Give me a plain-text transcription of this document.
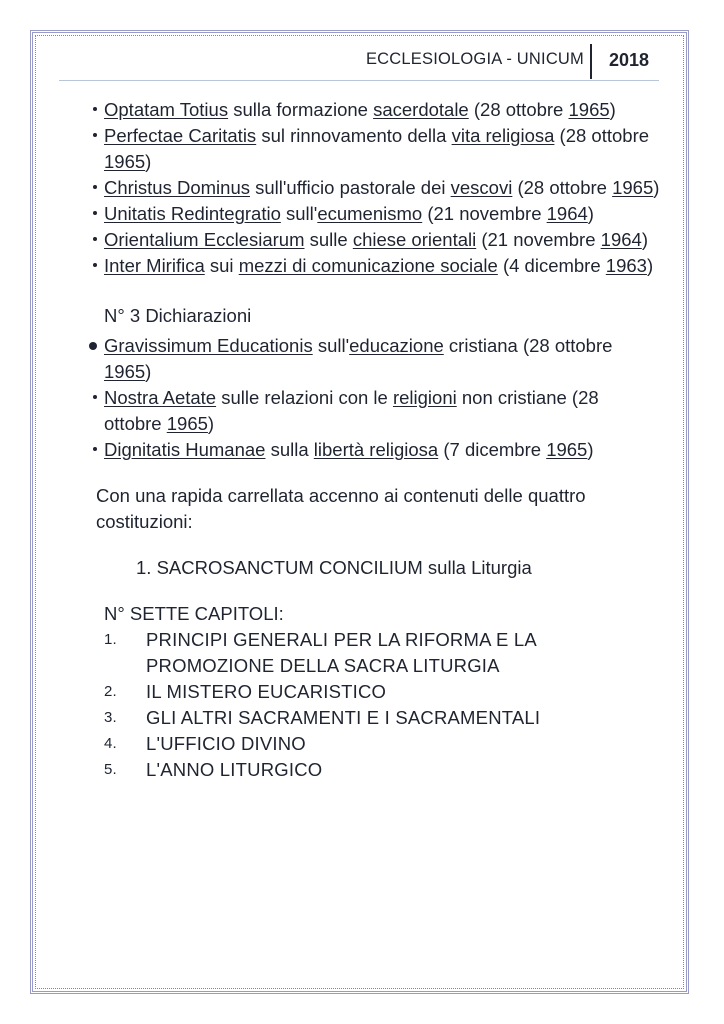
ECCLESIOLOGIA - UNICUM 2018
Optatam Totius sulla formazione sacerdotale (28 ottobre 1965)
Perfectae Caritatis sul rinnovamento della vita religiosa (28 ottobre 1965)
Christus Dominus sull'ufficio pastorale dei vescovi (28 ottobre 1965)
Unitatis Redintegratio sull'ecumenismo (21 novembre 1964)
Orientalium Ecclesiarum sulle chiese orientali (21 novembre 1964)
Inter Mirifica sui mezzi di comunicazione sociale (4 dicembre 1963)
N° 3 Dichiarazioni
Gravissimum Educationis sull'educazione cristiana (28 ottobre 1965)
Nostra Aetate sulle relazioni con le religioni non cristiane (28 ottobre 1965)
Dignitatis Humanae sulla libertà religiosa (7 dicembre 1965)
Con una rapida carrellata accenno ai contenuti delle quattro costituzioni:
1. SACROSANCTUM CONCILIUM sulla Liturgia
N° SETTE CAPITOLI:
1. PRINCIPI GENERALI PER LA RIFORMA E LA
PROMOZIONE DELLA SACRA LITURGIA
2. IL MISTERO EUCARISTICO
3. GLI ALTRI SACRAMENTI E I SACRAMENTALI
4. L'UFFICIO DIVINO
5. L'ANNO LITURGICO
